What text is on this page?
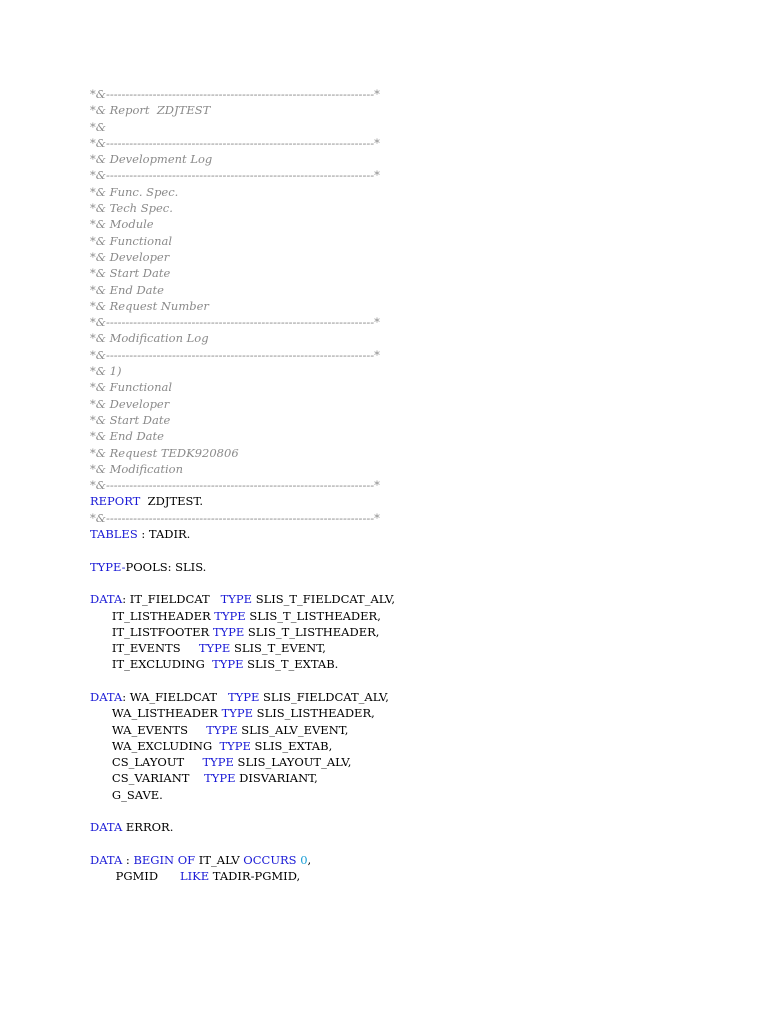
*&---------------------------------------------------------------------*
*& Report  ZDJTEST
*&
*&---------------------------------------------------------------------*
*& Development Log
*&---------------------------------------------------------------------*
*& Func. Spec.
*& Tech Spec.
*& Module
*& Functional
*& Developer
*& Start Date
*& End Date
*& Request Number
*&---------------------------------------------------------------------*
*& Modification Log
*&---------------------------------------------------------------------*
*& 1)
*& Functional
*& Developer
*& Start Date
*& End Date
*& Request TEDK920806
*& Modification
*&---------------------------------------------------------------------*
REPORT  ZDJTEST.
*&---------------------------------------------------------------------*
TABLES : TADIR.
TYPE-POOLS: SLIS.
DATA: IT_FIELDCAT   TYPE SLIS_T_FIELDCAT_ALV,
IT_LISTHEADER TYPE SLIS_T_LISTHEADER,
IT_LISTFOOTER TYPE SLIS_T_LISTHEADER,
IT_EVENTS     TYPE SLIS_T_EVENT,
IT_EXCLUDING  TYPE SLIS_T_EXTAB.
DATA: WA_FIELDCAT   TYPE SLIS_FIELDCAT_ALV,
WA_LISTHEADER TYPE SLIS_LISTHEADER,
WA_EVENTS     TYPE SLIS_ALV_EVENT,
WA_EXCLUDING  TYPE SLIS_EXTAB,
CS_LAYOUT     TYPE SLIS_LAYOUT_ALV,
CS_VARIANT    TYPE DISVARIANT,
G_SAVE.
DATA ERROR.
DATA : BEGIN OF IT_ALV OCCURS 0,
PGMID      LIKE TADIR-PGMID,
